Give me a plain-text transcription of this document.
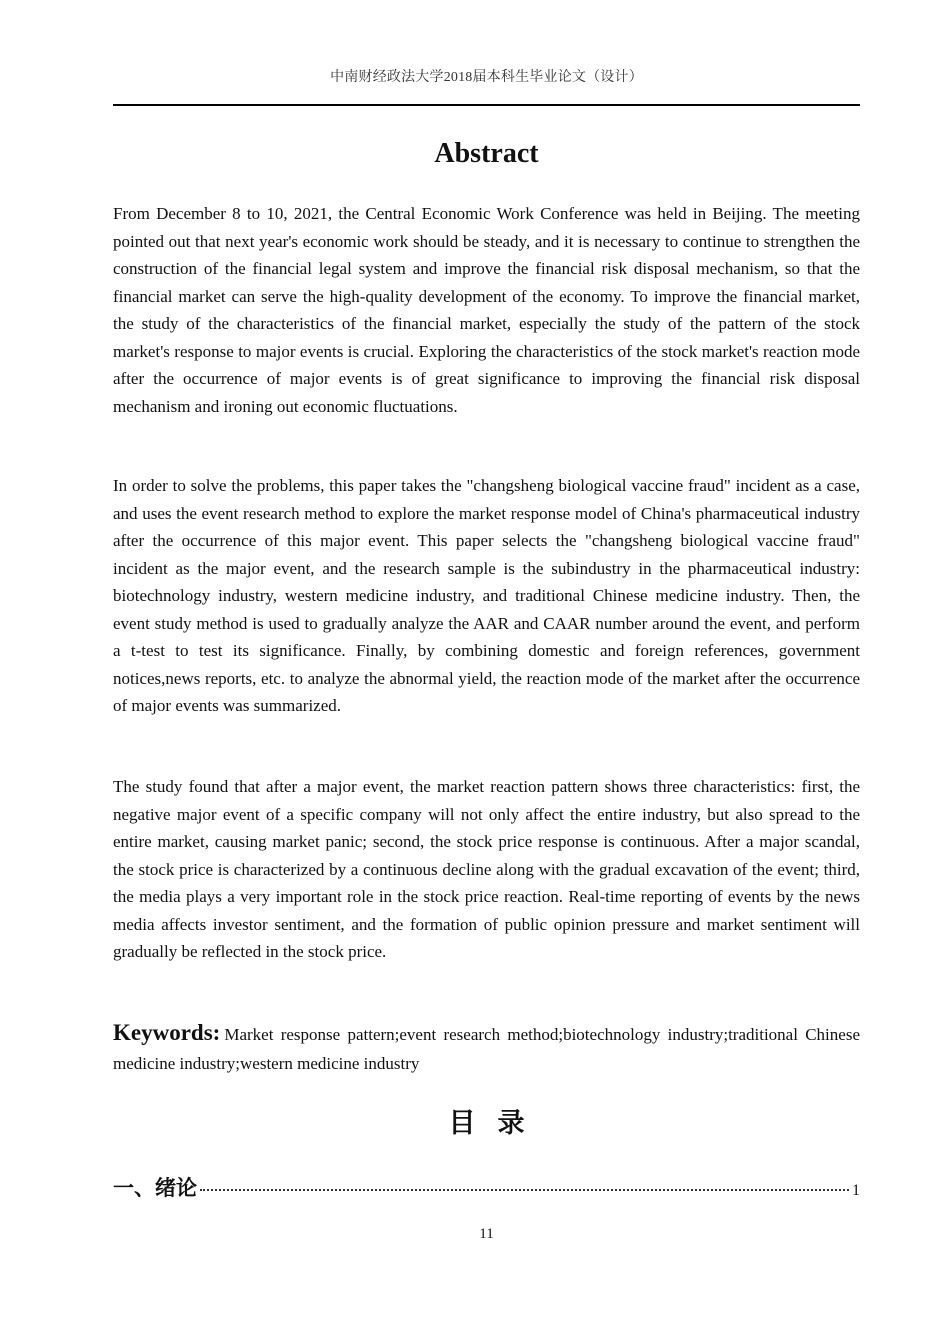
中南财经政法大学2018届本科生毕业论文（设计）
Abstract

From December 8 to 10, 2021, the Central Economic Work Conference was held in Beijing. The meeting pointed out that next year's economic work should be steady, and it is necessary to continue to strengthen the construction of the financial legal system and improve the financial risk disposal mechanism, so that the financial market can serve the high-quality development of the economy. To improve the financial market, the study of the characteristics of the financial market, especially the study of the pattern of the stock market's response to major events is crucial. Exploring the characteristics of the stock market's reaction mode after the occurrence of major events is of great significance to improving the financial risk disposal mechanism and ironing out economic fluctuations.

In order to solve the problems, this paper takes the "changsheng biological vaccine fraud" incident as a case, and uses the event research method to explore the market response model of China's pharmaceutical industry after the occurrence of this major event. This paper selects the "changsheng biological vaccine fraud" incident as the major event, and the research sample is the subindustry in the pharmaceutical industry: biotechnology industry, western medicine industry, and traditional Chinese medicine industry. Then, the event study method is used to gradually analyze the AAR and CAAR number around the event, and perform a t-test to test its significance. Finally, by combining domestic and foreign references, government notices,news reports, etc. to analyze the abnormal yield, the reaction mode of the market after the occurrence of major events was summarized.

The study found that after a major event, the market reaction pattern shows three characteristics: first, the negative major event of a specific company will not only affect the entire industry, but also spread to the entire market, causing market panic; second, the stock price response is continuous. After a major scandal, the stock price is characterized by a continuous decline along with the gradual excavation of the event; third, the media plays a very important role in the stock price reaction. Real-time reporting of events by the news media affects investor sentiment, and the formation of public opinion pressure and market sentiment will gradually be reflected in the stock price.

Keywords: Market response pattern;event research method;biotechnology industry;traditional Chinese medicine industry;western medicine industry

目录
一、绪论	1
11
